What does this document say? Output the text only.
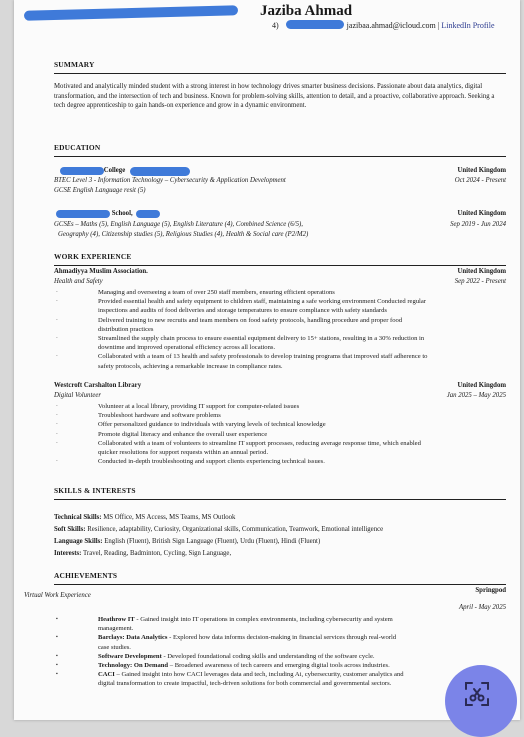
Jaziba Ahmad
4)	jazibaa.ahmad@icloud.com | LinkedIn Profile
SUMMARY
Motivated and analytically minded student with a strong interest in how technology drives smarter business decisions. Passionate about data analytics, digital transformation, and the intersection of tech and business. Known for problem-solving skills, attention to detail, and a proactive, collaborative approach. Seeking a tech degree apprenticeship to gain hands-on experience and grow in a dynamic environment.
EDUCATION
College	United Kingdom
BTEC Level 3 - Information Technology – Cybersecurity & Application Development	Oct 2024 - Present
GCSE English Language resit (5)
School,	United Kingdom
GCSEs – Maths (5), English Language (5), English Literature (4), Combined Science (6/5),	Sep 2019 - Jun 2024
Geography (4), Citizenship studies (5), Religious Studies (4), Health & Social care (P2/M2)
WORK EXPERIENCE
Ahmadiyya Muslim Association.	United Kingdom
Health and Safety	Sep 2022 - Present
- Managing and overseeing a team of over 250 staff members, ensuring efficient operations
- Provided essential health and safety equipment to children staff, maintaining a safe working environment Conducted regular
inspections and audits of food deliveries and storage temperatures to ensure compliance with safety standards
- Delivered training to new recruits and team members on food safety protocols, handling procedure and proper food
distribution practices
- Streamlined the supply chain process to ensure essential equipment delivery to 15+ stations, resulting in a 30% reduction in
downtime and improved operational efficiency across all locations.
- Collaborated with a team of 13 health and safety professionals to develop training programs that improved staff adherence to
safety protocols, achieving a remarkable increase in compliance rates.
Westcroft Carshalton Library	United Kingdom
Digital Volunteer	Jan 2025 – May 2025
- Volunteer at a local library, providing IT support for computer-related issues
- Troubleshoot hardware and software problems
- Offer personalized guidance to individuals with varying levels of technical knowledge
- Promote digital literacy and enhance the overall user experience
- Collaborated with a team of volunteers to streamline IT support processes, reducing average response time, which enabled
quicker resolutions for support requests within an annual period.
- Conducted in-depth troubleshooting and support clients experiencing technical issues.
SKILLS & INTERESTS
Technical Skills: MS Office, MS Access, MS Teams, MS Outlook
Soft Skills: Resilience, adaptability, Curiosity, Organizational skills, Communication, Teamwork, Emotional intelligence
Language Skills: English (Fluent), British Sign Language (Fluent), Urdu (Fluent), Hindi (Fluent)
Interests: Travel, Reading, Badminton, Cycling, Sign Language,
ACHIEVEMENTS
Springpod
Virtual Work Experience
April - May 2025
▪ Heathrow IT - Gained insight into IT operations in complex environments, including cybersecurity and system
management.
▪ Barclays: Data Analytics - Explored how data informs decision-making in financial services through real-world
case studies.
▪ Software Development - Developed foundational coding skills and understanding of the software cycle.
▪ Technology: On Demand – Broadened awareness of tech careers and emerging digital tools across industries.
▪ CACI – Gained insight into how CACI leverages data and tech, including Ai, cybersecurity, customer analytics and
digital transformation to create impactful, tech-driven solutions for both commercial and governmental sectors.
